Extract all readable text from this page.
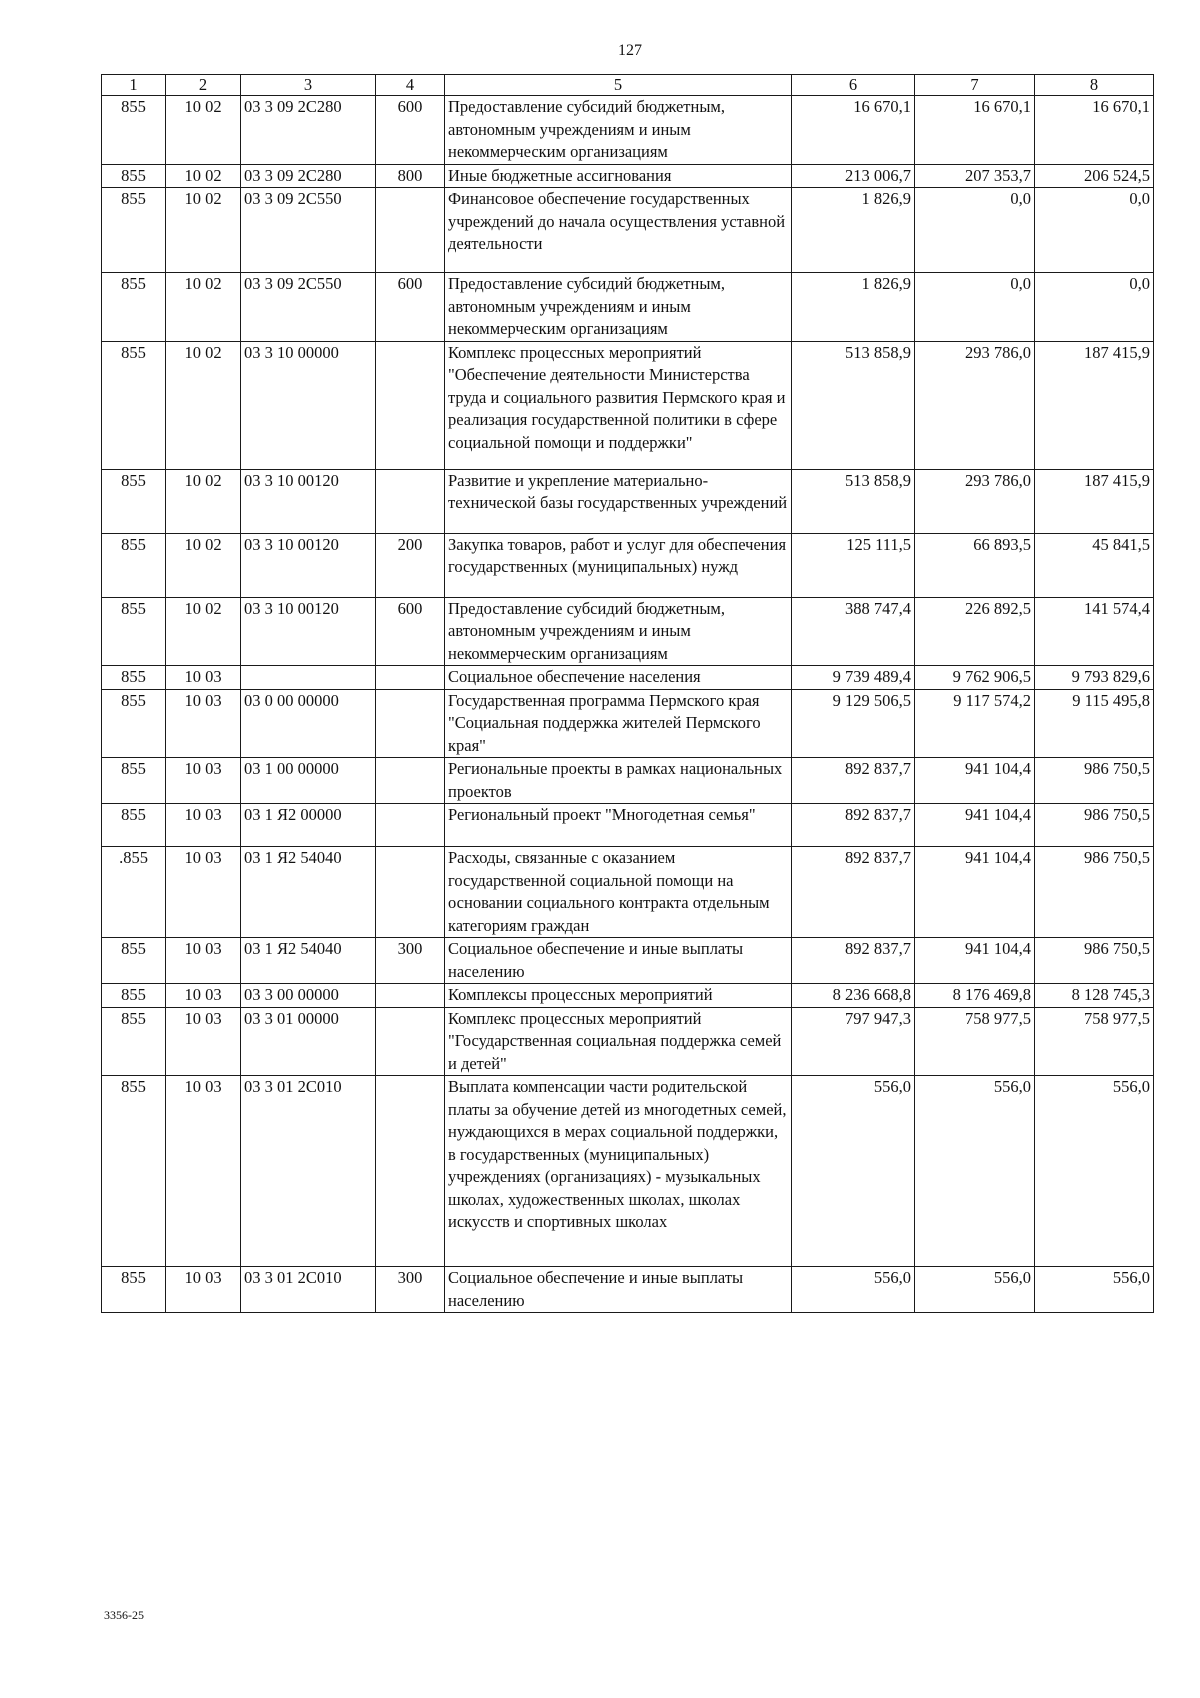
127
1	2	3	4	5	6	7	8
855	10 02	03 3 09 2С280	600	Предоставление субсидий бюджетным, автономным учреждениям и иным некоммерческим организациям	16 670,1	16 670,1	16 670,1
855	10 02	03 3 09 2С280	800	Иные бюджетные ассигнования	213 006,7	207 353,7	206 524,5
855	10 02	03 3 09 2С550		Финансовое обеспечение государственных учреждений до начала осуществления уставной деятельности	1 826,9	0,0	0,0
855	10 02	03 3 09 2С550	600	Предоставление субсидий бюджетным, автономным учреждениям и иным некоммерческим организациям	1 826,9	0,0	0,0
855	10 02	03 3 10 00000		Комплекс процессных мероприятий "Обеспечение деятельности Министерства труда и социального развития Пермского края и реализация государственной политики в сфере социальной помощи и поддержки"	513 858,9	293 786,0	187 415,9
855	10 02	03 3 10 00120		Развитие и укрепление материально-технической базы государственных учреждений	513 858,9	293 786,0	187 415,9
855	10 02	03 3 10 00120	200	Закупка товаров, работ и услуг для обеспечения государственных (муниципальных) нужд	125 111,5	66 893,5	45 841,5
855	10 02	03 3 10 00120	600	Предоставление субсидий бюджетным, автономным учреждениям и иным некоммерческим организациям	388 747,4	226 892,5	141 574,4
855	10 03			Социальное обеспечение населения	9 739 489,4	9 762 906,5	9 793 829,6
855	10 03	03 0 00 00000		Государственная программа Пермского края "Социальная поддержка жителей Пермского края"	9 129 506,5	9 117 574,2	9 115 495,8
855	10 03	03 1 00 00000		Региональные проекты в рамках национальных проектов	892 837,7	941 104,4	986 750,5
855	10 03	03 1 Я2 00000		Региональный проект "Многодетная семья"	892 837,7	941 104,4	986 750,5
.855	10 03	03 1 Я2 54040		Расходы, связанные с оказанием государственной социальной помощи на основании социального контракта отдельным категориям граждан	892 837,7	941 104,4	986 750,5
855	10 03	03 1 Я2 54040	300	Социальное обеспечение и иные выплаты населению	892 837,7	941 104,4	986 750,5
855	10 03	03 3 00 00000		Комплексы процессных мероприятий	8 236 668,8	8 176 469,8	8 128 745,3
855	10 03	03 3 01 00000		Комплекс процессных мероприятий "Государственная социальная поддержка семей и детей"	797 947,3	758 977,5	758 977,5
855	10 03	03 3 01 2С010		Выплата компенсации части родительской платы за обучение детей из многодетных семей, нуждающихся в мерах социальной поддержки, в государственных (муниципальных) учреждениях (организациях) - музыкальных школах, художественных школах, школах искусств и спортивных школах	556,0	556,0	556,0
855	10 03	03 3 01 2С010	300	Социальное обеспечение и иные выплаты населению	556,0	556,0	556,0
3356-25
